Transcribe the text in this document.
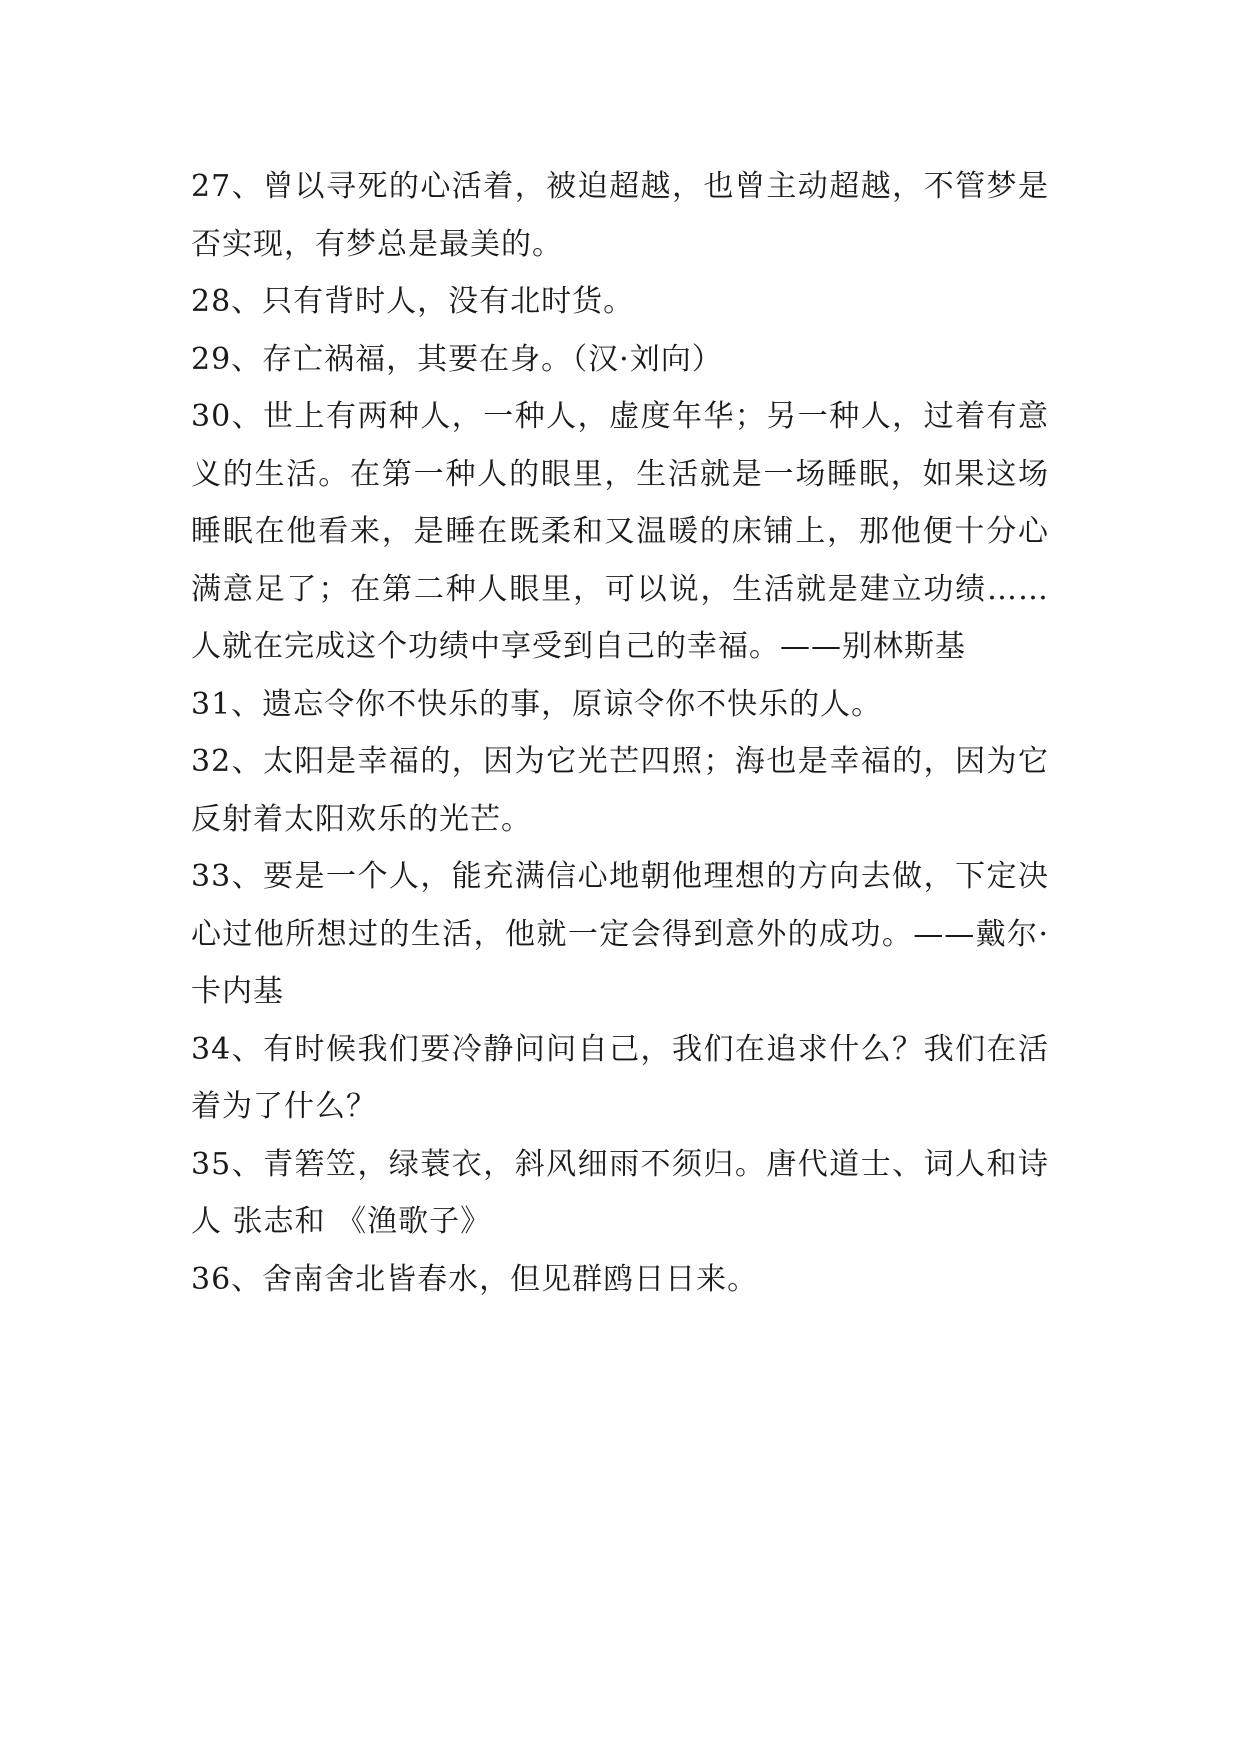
27、曾以寻死的心活着，被迫超越，也曾主动超越，不管梦是否实现，有梦总是最美的。

28、只有背时人，没有北时货。

29、存亡祸福，其要在身。（汉·刘向）

30、世上有两种人，一种人，虚度年华；另一种人，过着有意义的生活。在第一种人的眼里，生活就是一场睡眠，如果这场睡眠在他看来，是睡在既柔和又温暖的床铺上，那他便十分心满意足了；在第二种人眼里，可以说，生活就是建立功绩……人就在完成这个功绩中享受到自己的幸福。——别林斯基

31、遗忘令你不快乐的事，原谅令你不快乐的人。

32、太阳是幸福的，因为它光芒四照；海也是幸福的，因为它反射着太阳欢乐的光芒。

33、要是一个人，能充满信心地朝他理想的方向去做，下定决心过他所想过的生活，他就一定会得到意外的成功。——戴尔·卡内基

34、有时候我们要冷静问问自己，我们在追求什么？我们在活着为了什么？

35、青箬笠，绿蓑衣，斜风细雨不须归。唐代道士、词人和诗人 张志和 《渔歌子》

36、舍南舍北皆春水，但见群鸥日日来。
